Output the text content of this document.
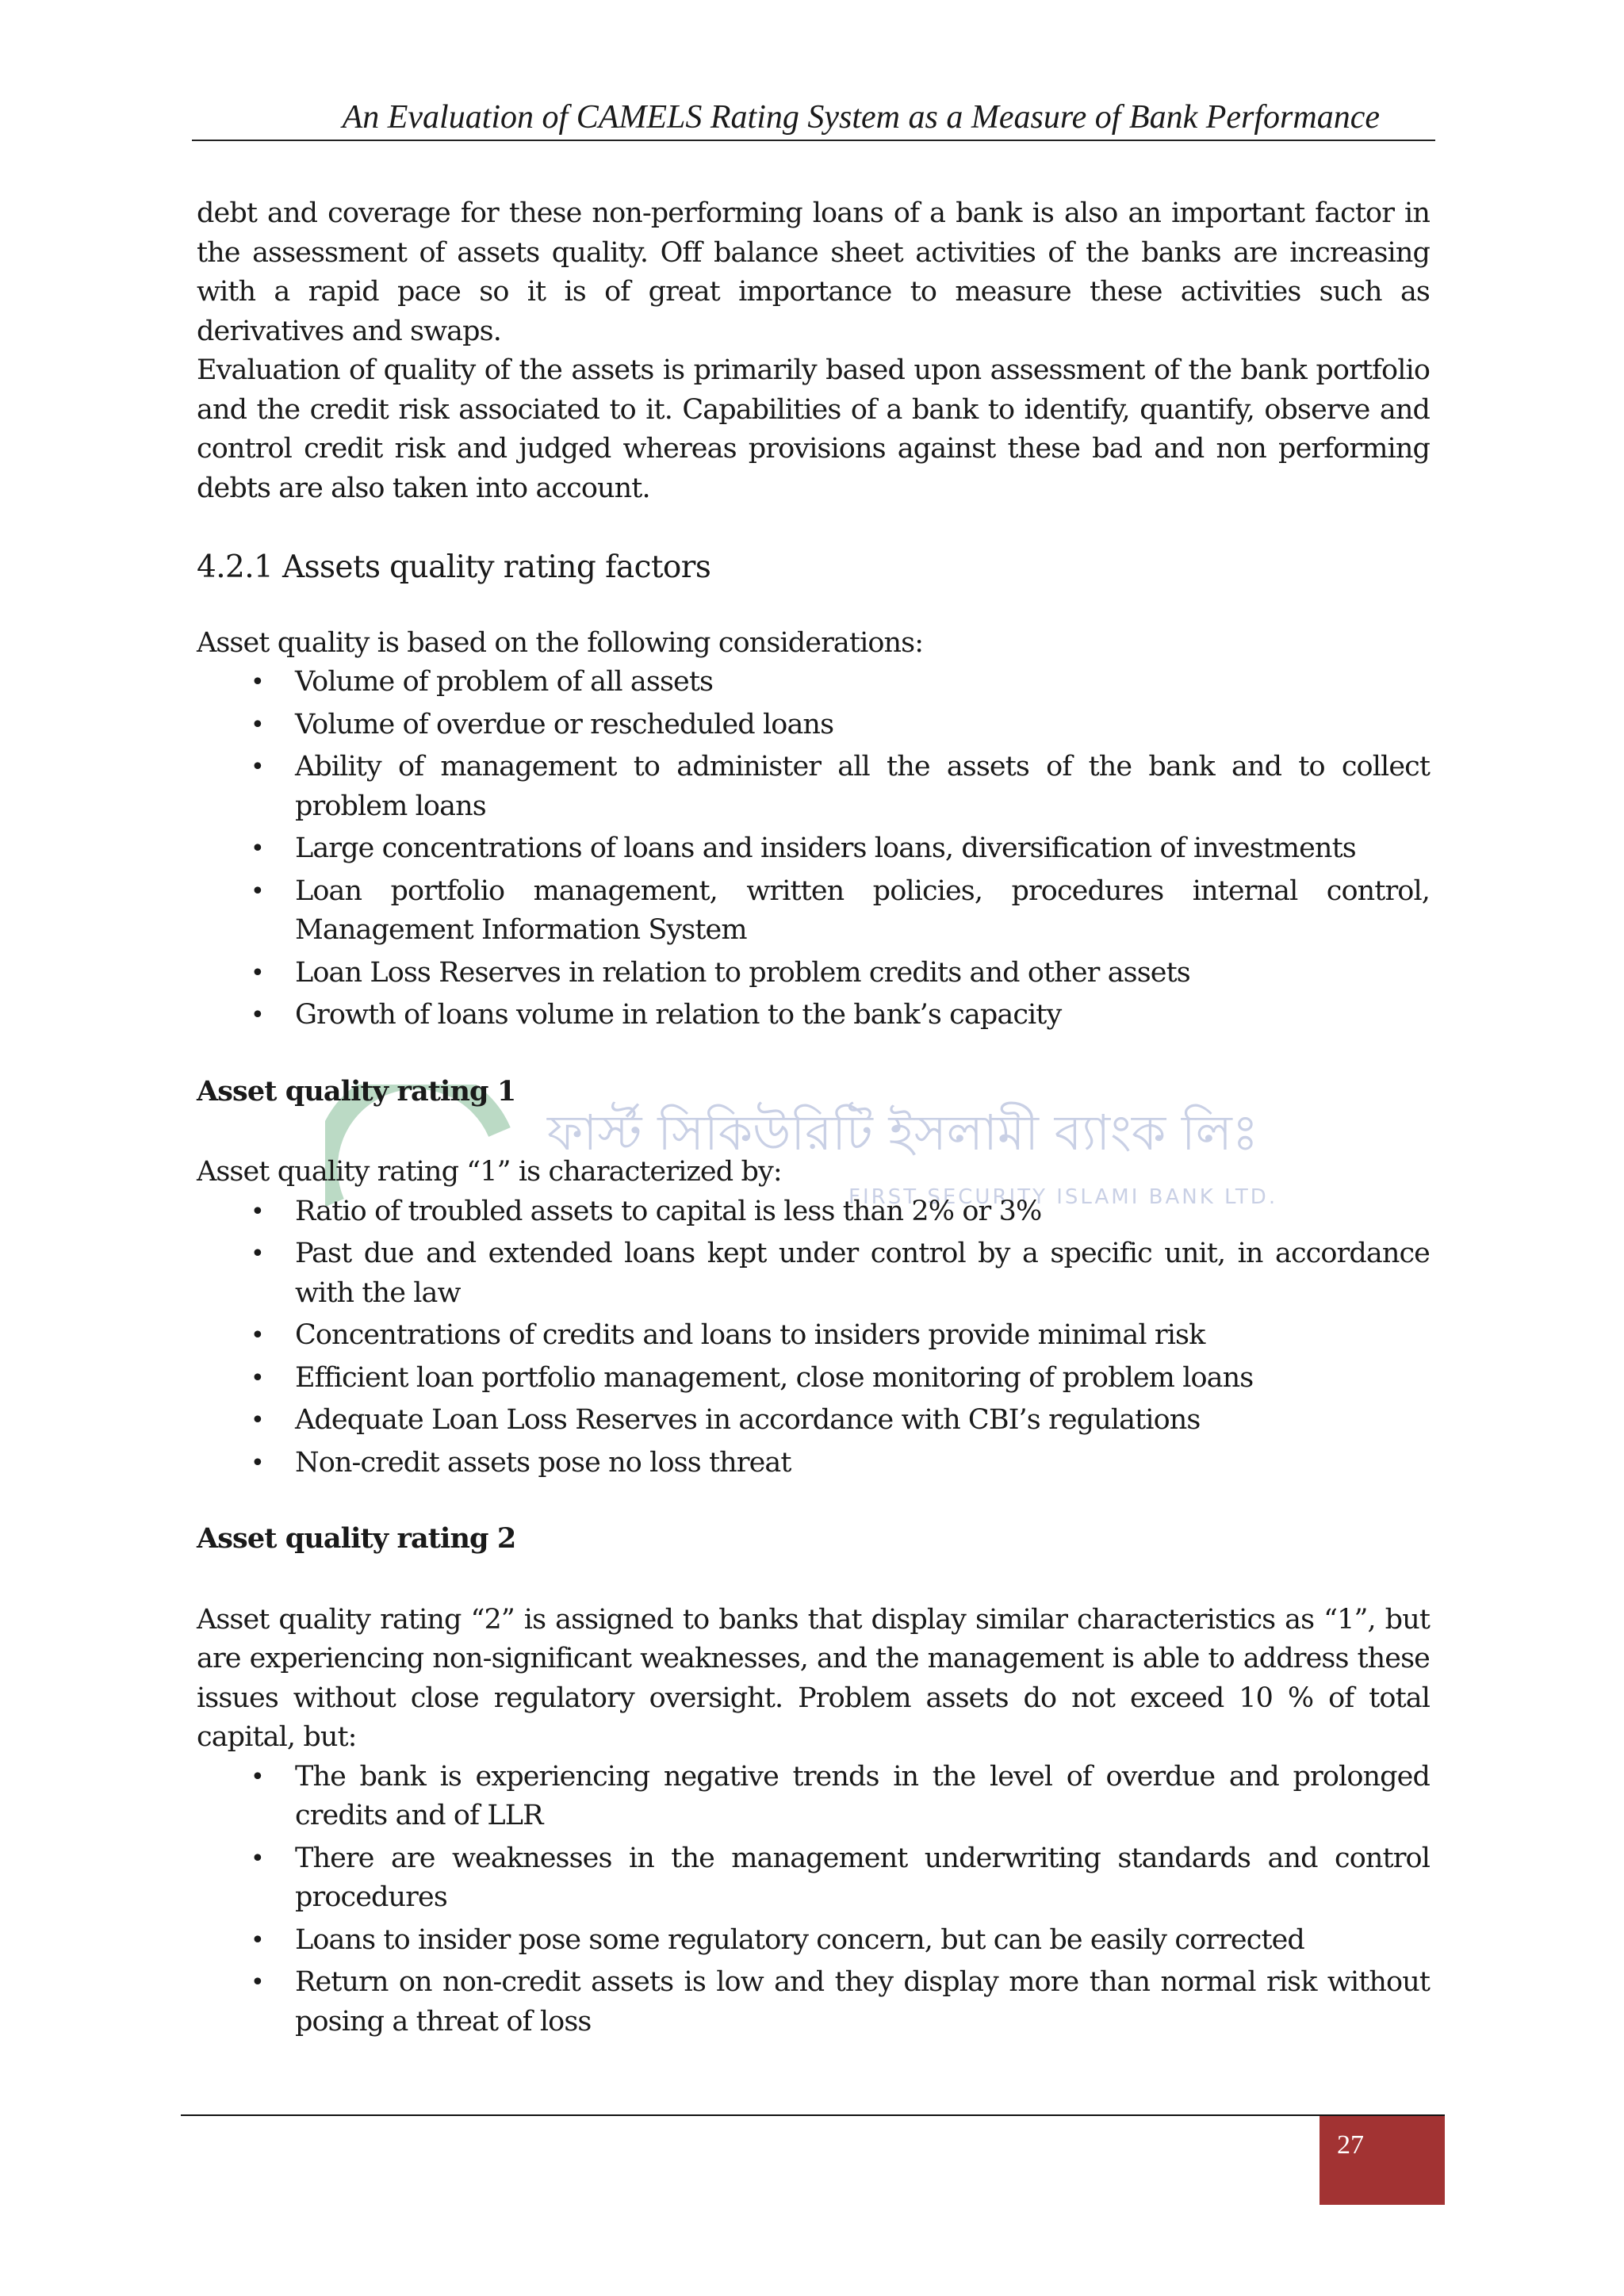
An Evaluation of CAMELS Rating System as a Measure of Bank Performance
ফার্স্ট সিকিউরিটি ইসলামী ব্যাংক লিঃ
FIRST SECURITY ISLAMI BANK LTD.

debt and coverage for these non-performing loans of a bank is also an important factor in the assessment of assets quality. Off balance sheet activities of the banks are increasing with a rapid pace so it is of great importance to measure these activities such as derivatives and swaps.

Evaluation of quality of the assets is primarily based upon assessment of the bank portfolio and the credit risk associated to it. Capabilities of a bank to identify, quantify, observe and control credit risk and judged whereas provisions against these bad and non performing debts are also taken into account.

4.2.1 Assets quality rating factors

Asset quality is based on the following considerations:

• Volume of problem of all assets
• Volume of overdue or rescheduled loans
• Ability of management to administer all the assets of the bank and to collect problem loans
• Large concentrations of loans and insiders loans, diversification of investments
• Loan portfolio management, written policies, procedures internal control, Management Information System
• Loan Loss Reserves in relation to problem credits and other assets
• Growth of loans volume in relation to the bank’s capacity

Asset quality rating 1

Asset quality rating “1” is characterized by:

• Ratio of troubled assets to capital is less than 2% or 3%
• Past due and extended loans kept under control by a specific unit, in accordance with the law
• Concentrations of credits and loans to insiders provide minimal risk
• Efficient loan portfolio management, close monitoring of problem loans
• Adequate Loan Loss Reserves in accordance with CBI’s regulations
• Non-credit assets pose no loss threat

Asset quality rating 2

Asset quality rating “2” is assigned to banks that display similar characteristics as “1”, but are experiencing non-significant weaknesses, and the management is able to address these issues without close regulatory oversight. Problem assets do not exceed 10 % of total capital, but:

• The bank is experiencing negative trends in the level of overdue and prolonged credits and of LLR
• There are weaknesses in the management underwriting standards and control procedures
• Loans to insider pose some regulatory concern, but can be easily corrected
• Return on non-credit assets is low and they display more than normal risk without posing a threat of loss
27
